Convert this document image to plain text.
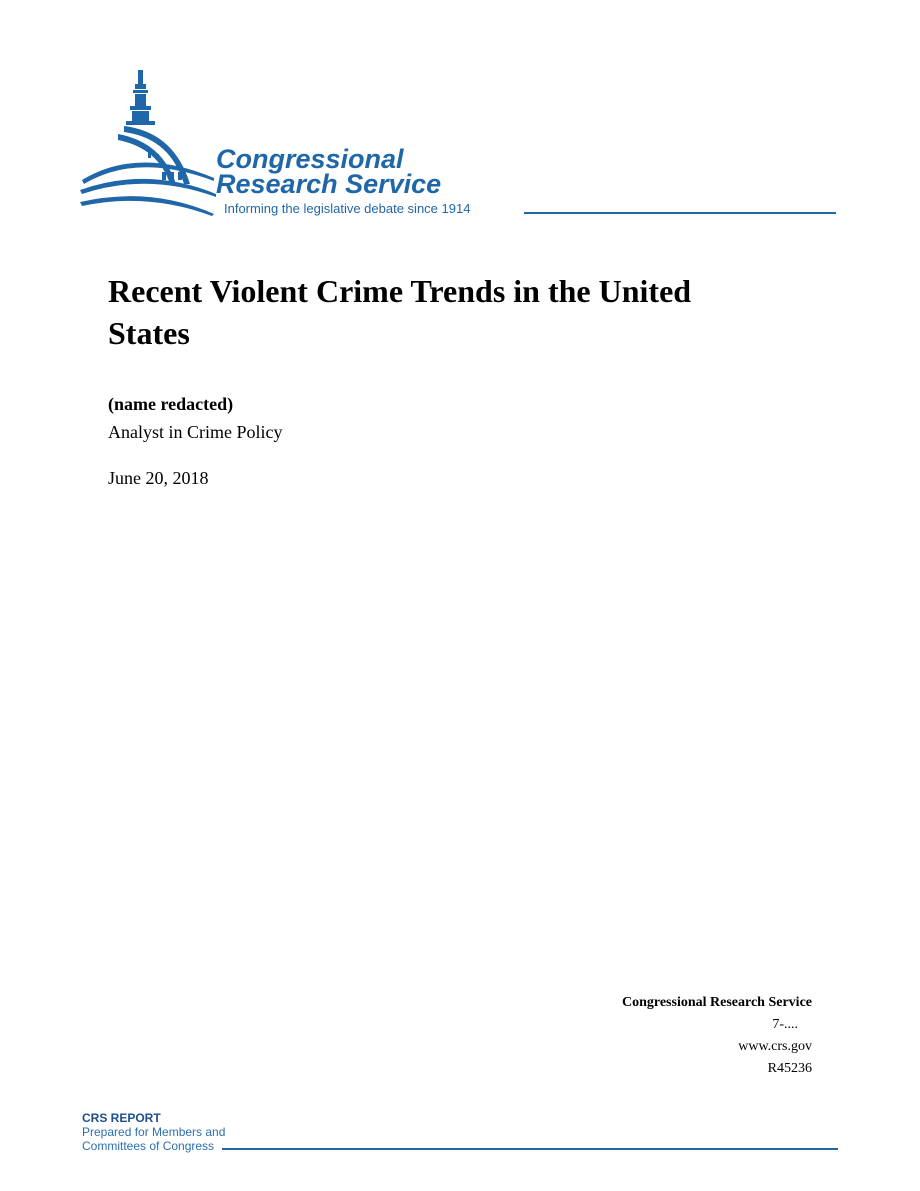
Congressional
Research Service
Informing the legislative debate since 1914
Recent Violent Crime Trends in the United States
(name redacted)
Analyst in Crime Policy
June 20, 2018
Congressional Research Service
7-....
www.crs.gov
R45236
CRS REPORT
Prepared for Members and
Committees of Congress
